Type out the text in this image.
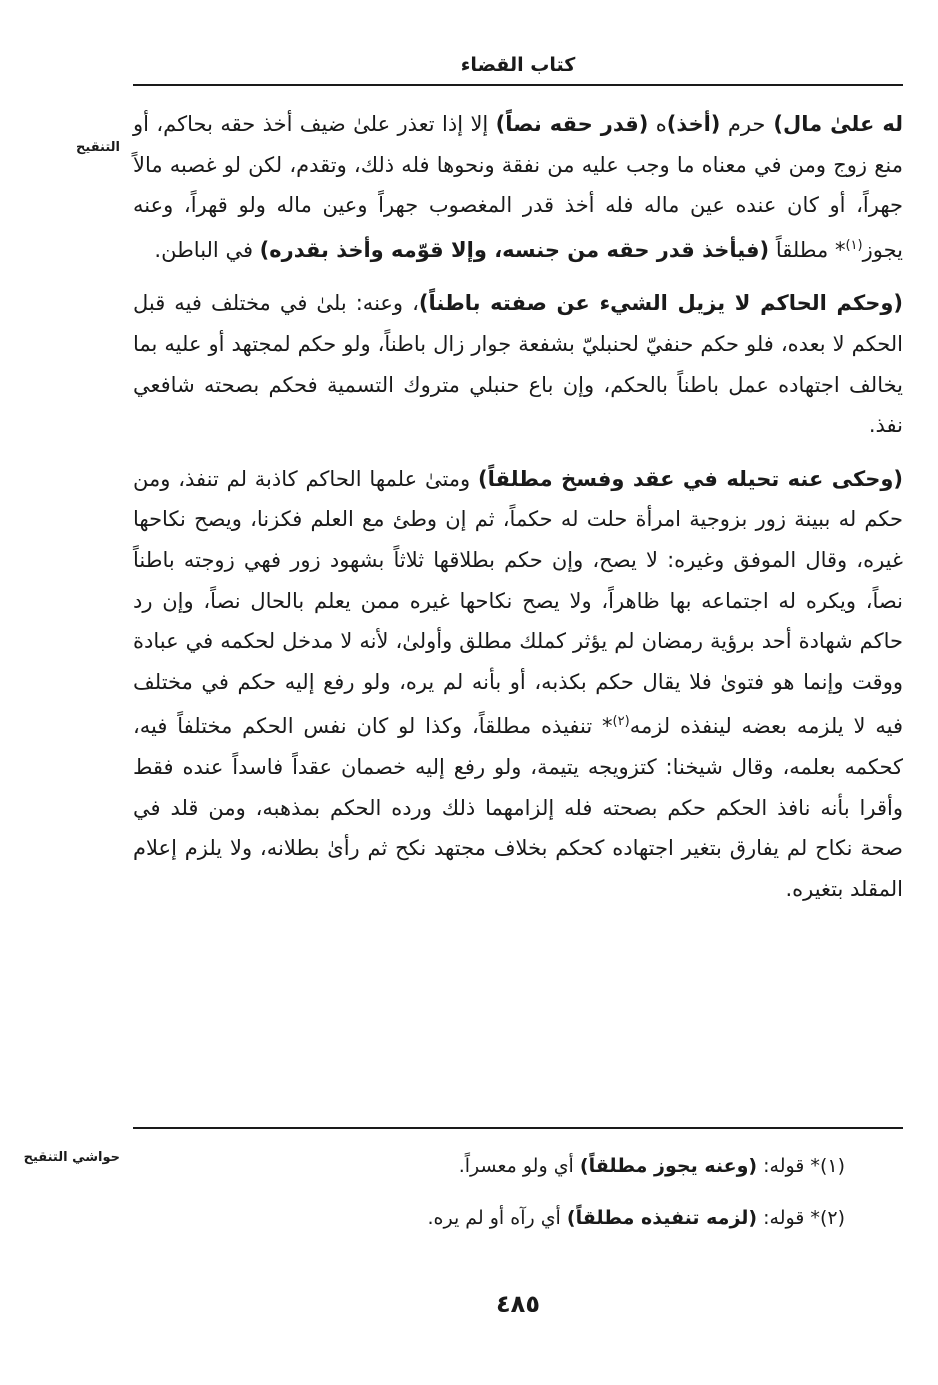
كتاب القضاء
التنقيح

له علىٰ مال) حرم (أخذ)ه (قدر حقه نصاً) إلا إذا تعذر علىٰ ضيف أخذ حقه بحاكم، أو منع زوج ومن في معناه ما وجب عليه من نفقة ونحوها فله ذلك، وتقدم، لكن لو غصبه مالاً جهراً، أو كان عنده عين ماله فله أخذ قدر المغصوب جهراً وعين ماله ولو قهراً، وعنه يجوز$^{(١)}$* مطلقاً (فيأخذ قدر حقه من جنسه، وإلا قوّمه وأخذ بقدره) في الباطن.

(وحكم الحاكم لا يزيل الشيء عن صفته باطناً)، وعنه: بلىٰ في مختلف فيه قبل الحكم لا بعده، فلو حكم حنفيّ لحنبليّ بشفعة جوار زال باطناً، ولو حكم لمجتهد أو عليه بما يخالف اجتهاده عمل باطناً بالحكم، وإن باع حنبلي متروك التسمية فحكم بصحته شافعي نفذ.

(وحكى عنه تحيله في عقد وفسخ مطلقاً) ومتىٰ علمها الحاكم كاذبة لم تنفذ، ومن حكم له ببينة زور بزوجية امرأة حلت له حكماً، ثم إن وطئ مع العلم فكزنا، ويصح نكاحها غيره، وقال الموفق وغيره: لا يصح، وإن حكم بطلاقها ثلاثاً بشهود زور فهي زوجته باطناً نصاً، ويكره له اجتماعه بها ظاهراً، ولا يصح نكاحها غيره ممن يعلم بالحال نصاً، وإن رد حاكم شهادة أحد برؤية رمضان لم يؤثر كملك مطلق وأولىٰ، لأنه لا مدخل لحكمه في عبادة ووقت وإنما هو فتوىٰ فلا يقال حكم بكذبه، أو بأنه لم يره، ولو رفع إليه حكم في مختلف فيه لا يلزمه بعضه لينفذه لزمه$^{(٢)}$* تنفيذه مطلقاً، وكذا لو كان نفس الحكم مختلفاً فيه، كحكمه بعلمه، وقال شيخنا: كتزويجه يتيمة، ولو رفع إليه خصمان عقداً فاسداً عنده فقط وأقرا بأنه نافذ الحكم حكم بصحته فله إلزامهما ذلك ورده الحكم بمذهبه، ومن قلد في صحة نكاح لم يفارق بتغير اجتهاده كحكم بخلاف مجتهد نكح ثم رأىٰ بطلانه، ولا يلزم إعلام المقلد بتغيره.

حواشي التنقيح	(١)* قوله: (وعنه يجوز مطلقاً) أي ولو معسراً.
(٢)* قوله: (لزمه تنفيذه مطلقاً) أي رآه أو لم يره.
٤٨٥
